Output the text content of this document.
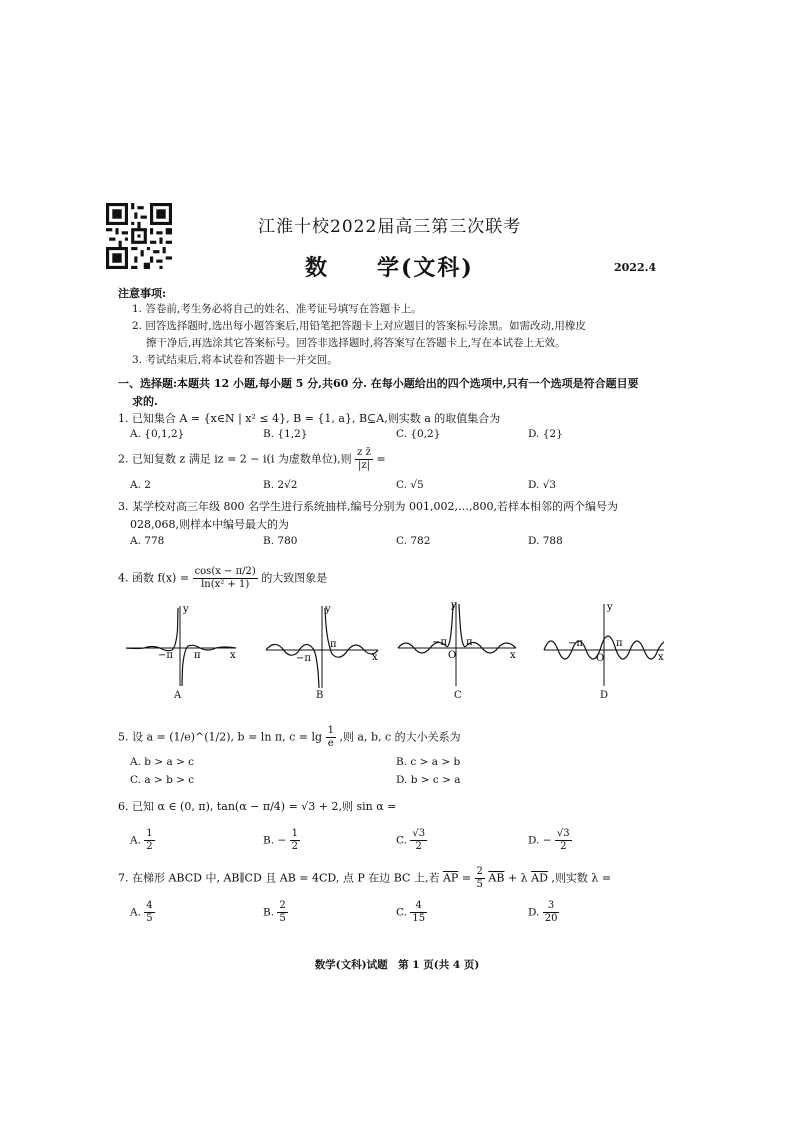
江淮十校2022届高三第三次联考
数　　学(文科)	2022.4
注意事项:
1. 答卷前,考生务必将自己的姓名、准考证号填写在答题卡上。
2. 回答选择题时,选出每小题答案后,用铅笔把答题卡上对应题目的答案标号涂黑。如需改动,用橡皮
擦干净后,再选涂其它答案标号。回答非选择题时,将答案写在答题卡上,写在本试卷上无效。
3. 考试结束后,将本试卷和答题卡一并交回。
一、选择题:本题共 12 小题,每小题 5 分,共60 分. 在每小题给出的四个选项中,只有一个选项是符合题目要
求的.
1. 已知集合 A = {x∈N | x² ≤ 4}, B = {1, a}, B⊆A,则实数 a 的取值集合为
A. {0,1,2}	B. {1,2}	C. {0,2}	D. {2}
2. 已知复数 z 满足 iz = 2 − i(i 为虚数单位),则 $\frac{\text{z z̄}}{|z|}$ =
A. 2	B. 2√2	C. √5	D. √3
3. 某学校对高三年级 800 名学生进行系统抽样,编号分别为 001,002,…,800,若样本相邻的两个编号为
028,068,则样本中编号最大的为
A. 778	B. 780	C. 782	D. 788
4. 函数 $f(x) = \frac{\cos(x - \pi/2)}{\text{ln(x² + 1)}}$ 的大致图象是
y
x
−π π
A
y
x
−π
π
B
y
x
O
−π π
C
y
x
O
−π	π
D
5. 设 a = (1/e)^(1/2), b = ln π, $c = \lg \frac{1}{e}$ ,则 a, b, c 的大小关系为
A. b > a > c	B. c > a > b
C. a > b > c	D. b > c > a
6. 已知 α ∈ (0, π), tan(α − π/4) = √3 + 2,则 sin α =
A. $\frac{1}{2}$	B. − $\frac{1}{2}$	C. $\frac{√3}{2}$	D. − $\frac{√3}{2}$
7. 在梯形 ABCD 中, AB∥CD 且 AB = 4CD, 点 P 在边 BC 上,若 $\overline{AP} = \frac{2}{5} \overline{AB} + \lambda$ $\overline{AD}$ ,则实数 λ =
A. $\frac{4}{5}$	B. $\frac{2}{5}$	C. $\frac{4}{15}$	D. $\frac{3}{20}$
数学(文科)试题　第 1 页(共 4 页)
